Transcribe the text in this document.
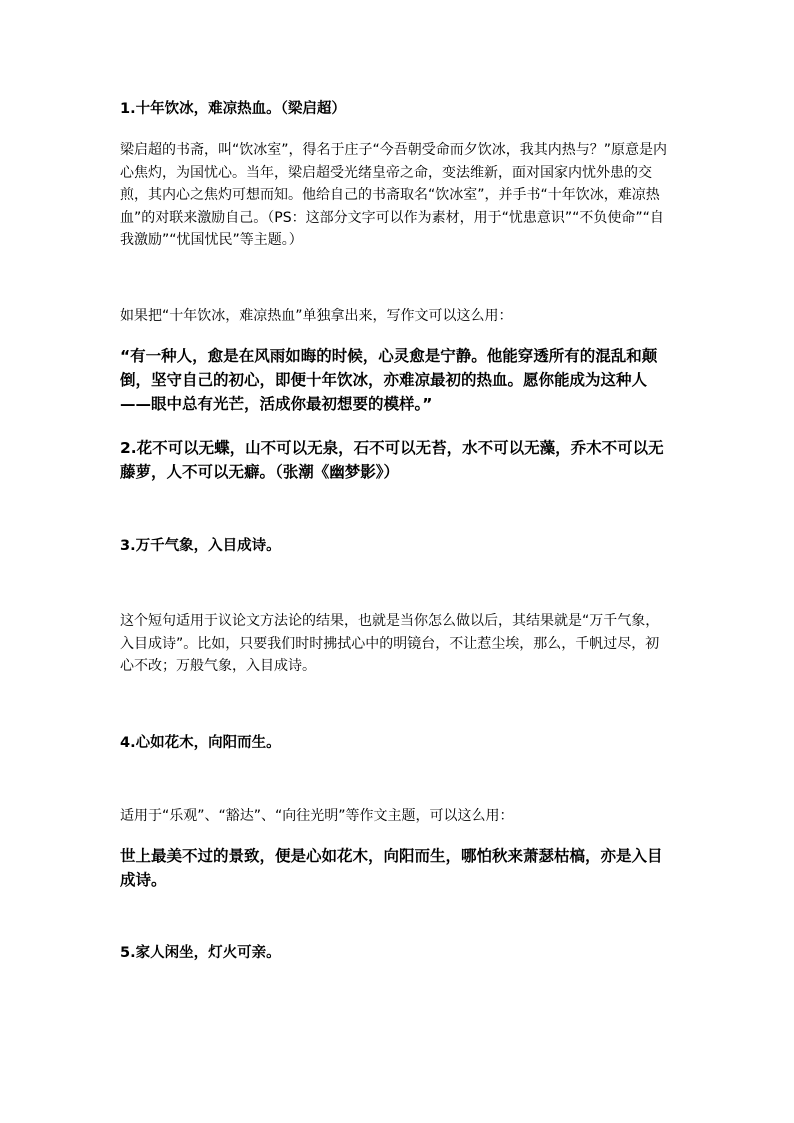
1.十年饮冰，难凉热血。（梁启超）

梁启超的书斋，叫“饮冰室”，得名于庄子“今吾朝受命而夕饮冰，我其内热与？”原意是内心焦灼，为国忧心。当年，梁启超受光绪皇帝之命，变法维新，面对国家内忧外患的交煎，其内心之焦灼可想而知。他给自己的书斋取名“饮冰室”，并手书“十年饮冰，难凉热血”的对联来激励自己。（PS：这部分文字可以作为素材，用于“忧患意识”“不负使命”“自我激励”“忧国忧民”等主题。）

如果把“十年饮冰，难凉热血”单独拿出来，写作文可以这么用：

“有一种人，愈是在风雨如晦的时候，心灵愈是宁静。他能穿透所有的混乱和颠倒，坚守自己的初心，即便十年饮冰，亦难凉最初的热血。愿你能成为这种人——眼中总有光芒，活成你最初想要的模样。”

2.花不可以无蝶，山不可以无泉，石不可以无苔，水不可以无藻，乔木不可以无藤萝，人不可以无癖。（张潮《幽梦影》）

3.万千气象，入目成诗。

这个短句适用于议论文方法论的结果，也就是当你怎么做以后，其结果就是“万千气象，入目成诗”。比如，只要我们时时拂拭心中的明镜台，不让惹尘埃，那么，千帆过尽，初心不改；万般气象，入目成诗。

4.心如花木，向阳而生。

适用于“乐观”、“豁达”、“向往光明”等作文主题，可以这么用：

世上最美不过的景致，便是心如花木，向阳而生，哪怕秋来萧瑟枯槁，亦是入目成诗。

5.家人闲坐，灯火可亲。
